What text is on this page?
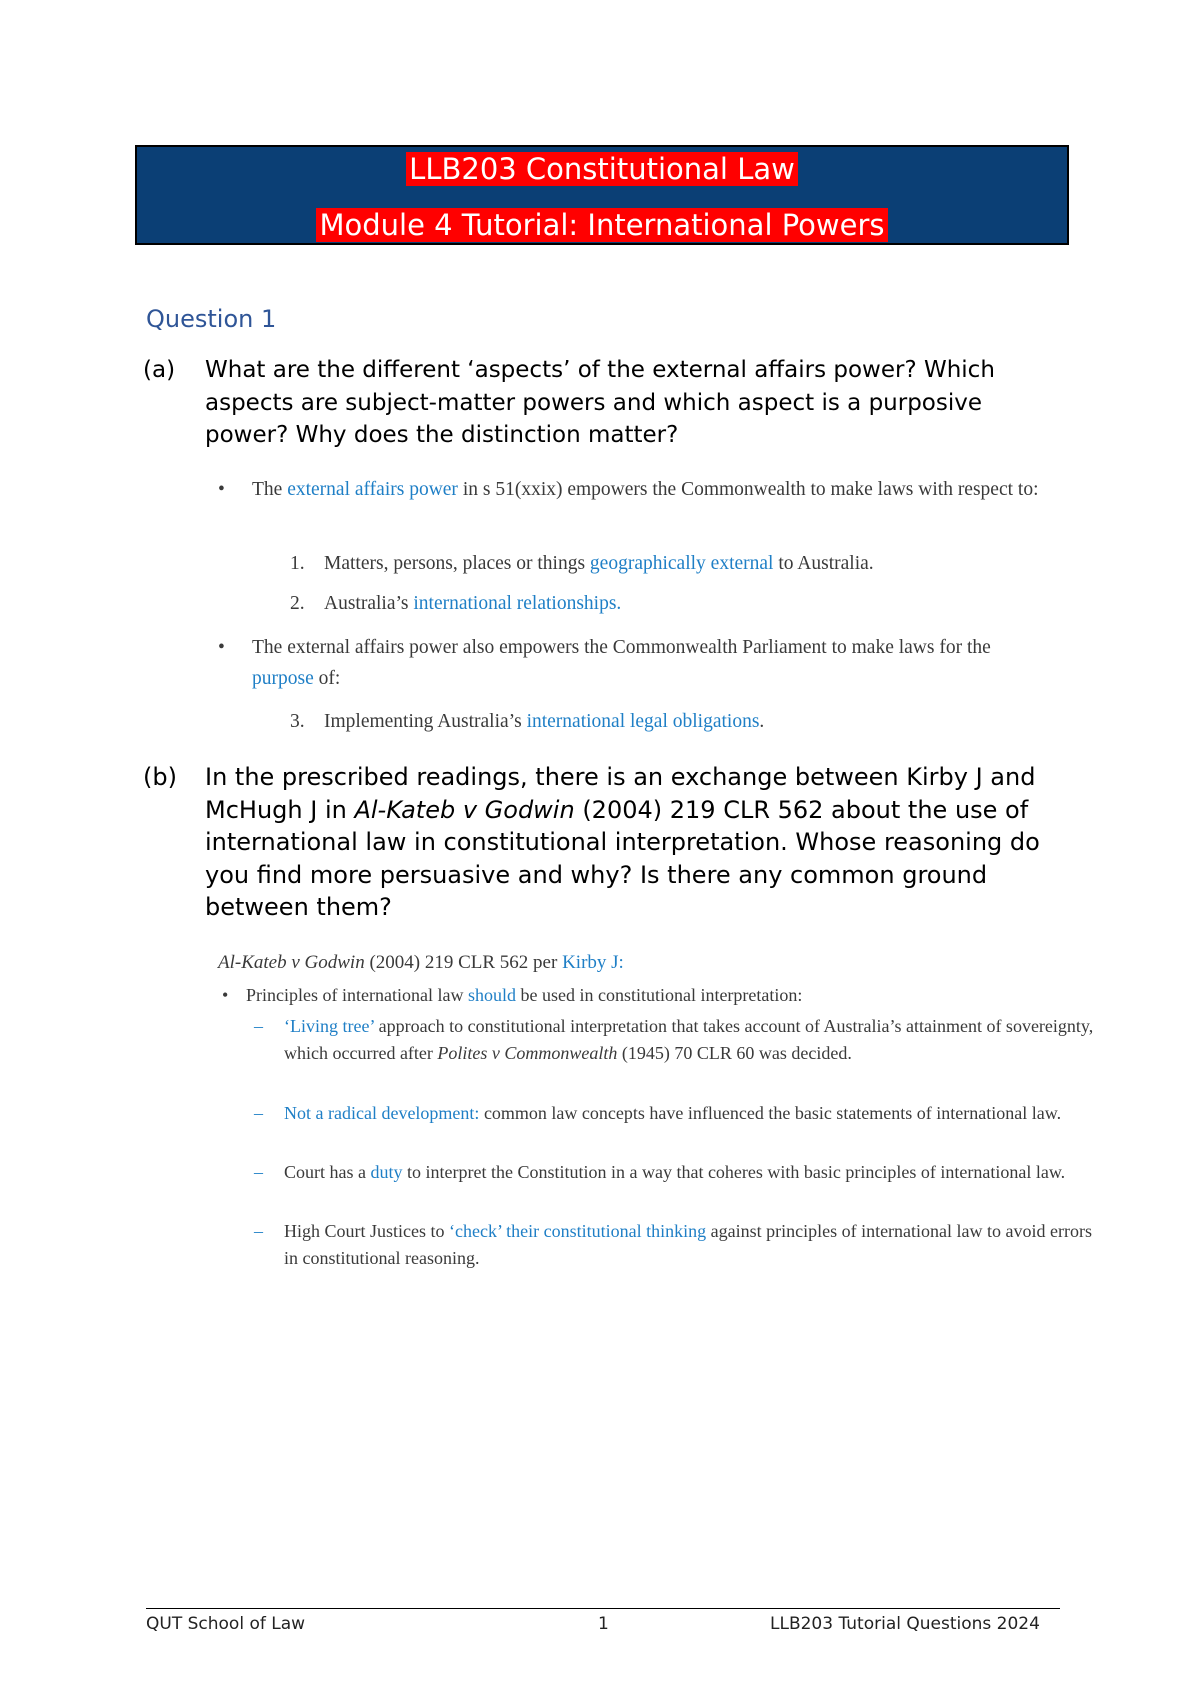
LLB203 Constitutional Law
Module 4 Tutorial: International Powers
Question 1
(a) What are the different ‘aspects’ of the external affairs power? Which aspects are subject-matter powers and which aspect is a purposive power? Why does the distinction matter?
• The external affairs power in s 51(xxix) empowers the Commonwealth to make laws with respect to:
1. Matters, persons, places or things geographically external to Australia.
2. Australia’s international relationships.
• The external affairs power also empowers the Commonwealth Parliament to make laws for the purpose of:
3. Implementing Australia’s international legal obligations.
(b) In the prescribed readings, there is an exchange between Kirby J and McHugh J in Al-Kateb v Godwin (2004) 219 CLR 562 about the use of international law in constitutional interpretation. Whose reasoning do you find more persuasive and why? Is there any common ground between them?
Al-Kateb v Godwin (2004) 219 CLR 562 per Kirby J:
• Principles of international law should be used in constitutional interpretation:
– ‘Living tree’ approach to constitutional interpretation that takes account of Australia’s attainment of sovereignty, which occurred after Polites v Commonwealth (1945) 70 CLR 60 was decided.
– Not a radical development: common law concepts have influenced the basic statements of international law.
– Court has a duty to interpret the Constitution in a way that coheres with basic principles of international law.
– High Court Justices to ‘check’ their constitutional thinking against principles of international law to avoid errors in constitutional reasoning.
QUT School of Law	1	LLB203 Tutorial Questions 2024
